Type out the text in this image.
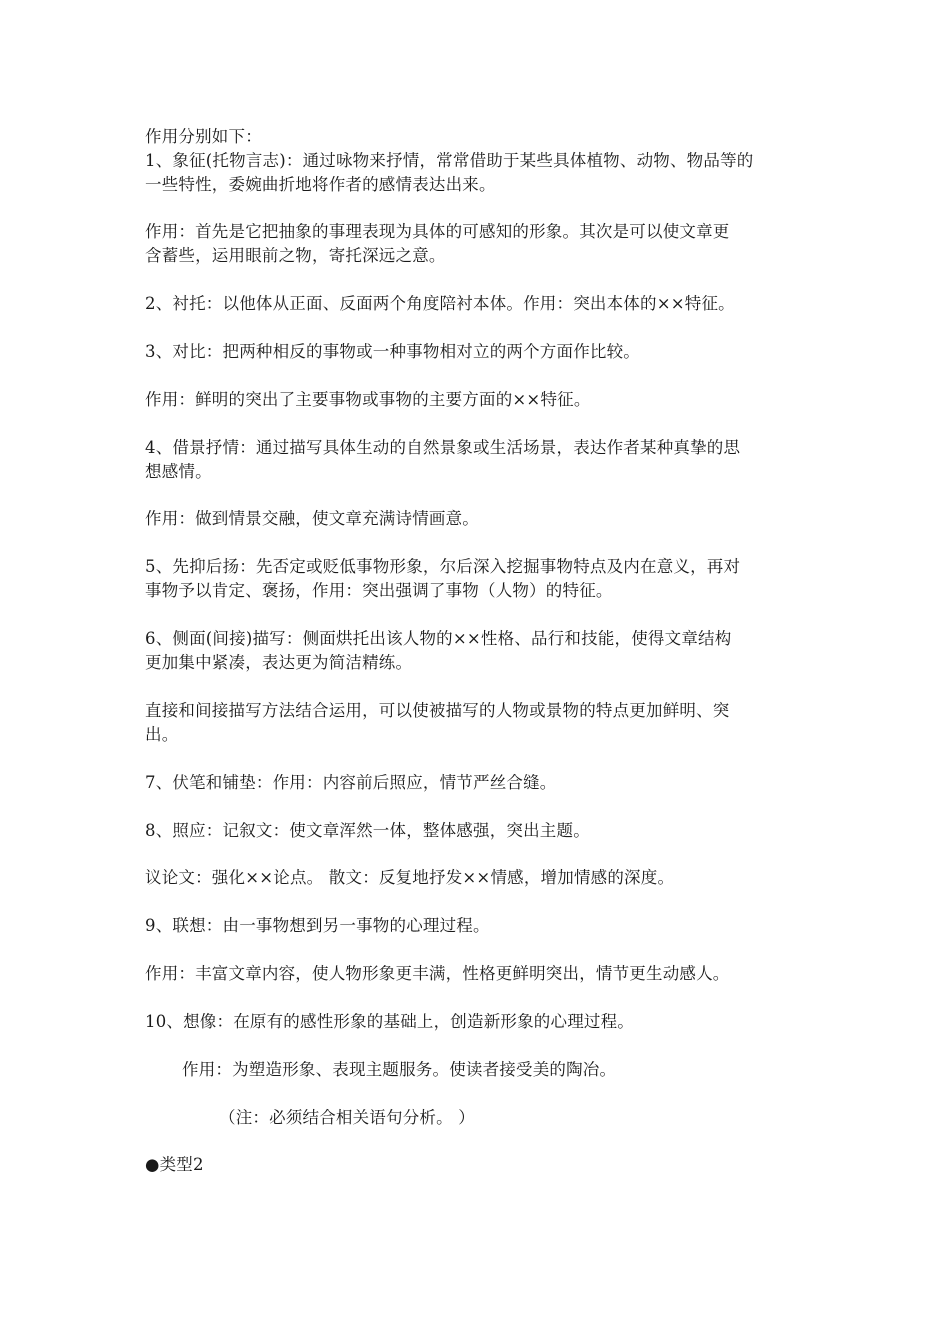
作用分别如下：
1、象征(托物言志)：通过咏物来抒情，常常借助于某些具体植物、动物、物品等的
一些特性，委婉曲折地将作者的感情表达出来。
作用：首先是它把抽象的事理表现为具体的可感知的形象。其次是可以使文章更
含蓄些，运用眼前之物，寄托深远之意。
2、衬托：以他体从正面、反面两个角度陪衬本体。作用：突出本体的××特征。
3、对比：把两种相反的事物或一种事物相对立的两个方面作比较。
作用：鲜明的突出了主要事物或事物的主要方面的××特征。
4、借景抒情：通过描写具体生动的自然景象或生活场景，表达作者某种真挚的思
想感情。
作用：做到情景交融，使文章充满诗情画意。
5、先抑后扬：先否定或贬低事物形象，尔后深入挖掘事物特点及内在意义，再对
事物予以肯定、褒扬，作用：突出强调了事物（人物）的特征。
6、侧面(间接)描写：侧面烘托出该人物的××性格、品行和技能，使得文章结构
更加集中紧凑，表达更为简洁精练。
直接和间接描写方法结合运用，可以使被描写的人物或景物的特点更加鲜明、突
出。
7、伏笔和铺垫：作用：内容前后照应，情节严丝合缝。
8、照应：记叙文：使文章浑然一体，整体感强，突出主题。
议论文：强化××论点。 散文：反复地抒发××情感，增加情感的深度。
9、联想：由一事物想到另一事物的心理过程。
作用：丰富文章内容，使人物形象更丰满，性格更鲜明突出，情节更生动感人。
10、想像：在原有的感性形象的基础上，创造新形象的心理过程。
作用：为塑造形象、表现主题服务。使读者接受美的陶冶。
（注：必须结合相关语句分析。 ）
●类型2
